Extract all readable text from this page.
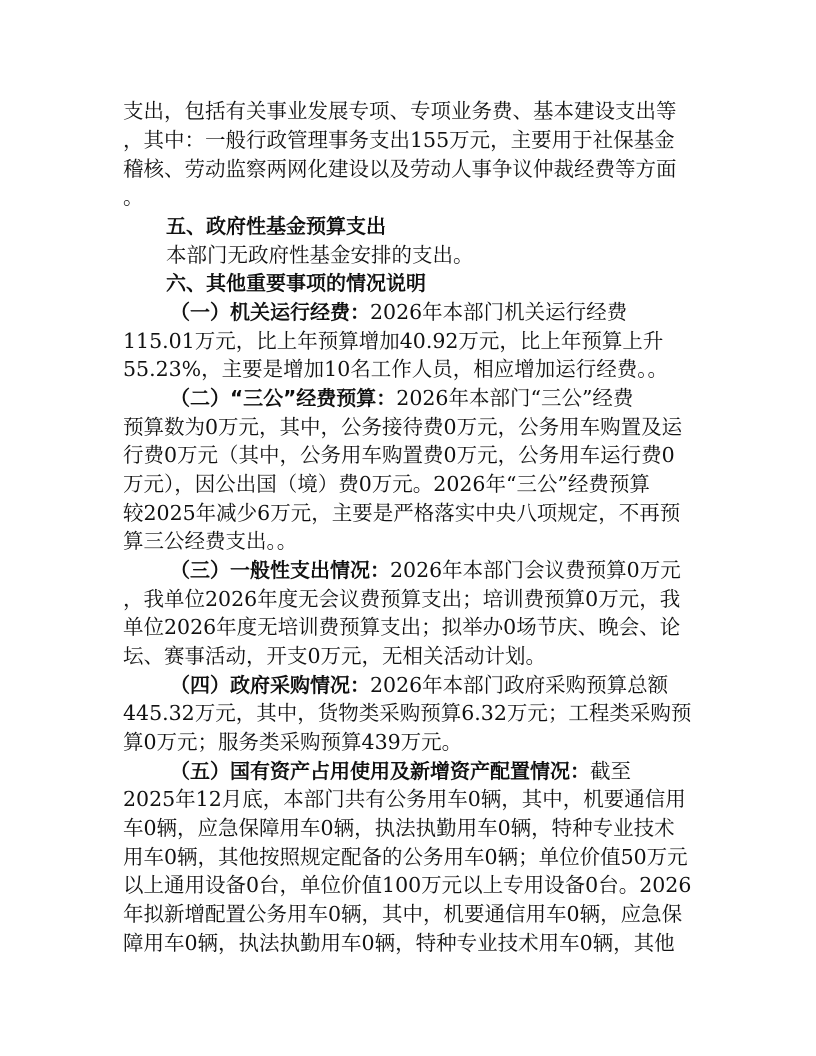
支出，包括有关事业发展专项、专项业务费、基本建设支出等
，其中：一般行政管理事务支出155万元，主要用于社保基金
稽核、劳动监察两网化建设以及劳动人事争议仲裁经费等方面
。
五、政府性基金预算支出
本部门无政府性基金安排的支出。
六、其他重要事项的情况说明
（一）机关运行经费：2026年本部门机关运行经费
115.01万元，比上年预算增加40.92万元，比上年预算上升
55.23%，主要是增加10名工作人员，相应增加运行经费。。
（二）“三公”经费预算：2026年本部门“三公”经费
预算数为0万元，其中，公务接待费0万元，公务用车购置及运
行费0万元（其中，公务用车购置费0万元，公务用车运行费0
万元），因公出国（境）费0万元。2026年“三公”经费预算
较2025年减少6万元，主要是严格落实中央八项规定，不再预
算三公经费支出。。
（三）一般性支出情况：2026年本部门会议费预算0万元
，我单位2026年度无会议费预算支出；培训费预算0万元，我
单位2026年度无培训费预算支出；拟举办0场节庆、晚会、论
坛、赛事活动，开支0万元，无相关活动计划。
（四）政府采购情况：2026年本部门政府采购预算总额
445.32万元，其中，货物类采购预算6.32万元；工程类采购预
算0万元；服务类采购预算439万元。
（五）国有资产占用使用及新增资产配置情况：截至
2025年12月底，本部门共有公务用车0辆，其中，机要通信用
车0辆，应急保障用车0辆，执法执勤用车0辆，特种专业技术
用车0辆，其他按照规定配备的公务用车0辆；单位价值50万元
以上通用设备0台，单位价值100万元以上专用设备0台。2026
年拟新增配置公务用车0辆，其中，机要通信用车0辆，应急保
障用车0辆，执法执勤用车0辆，特种专业技术用车0辆，其他
